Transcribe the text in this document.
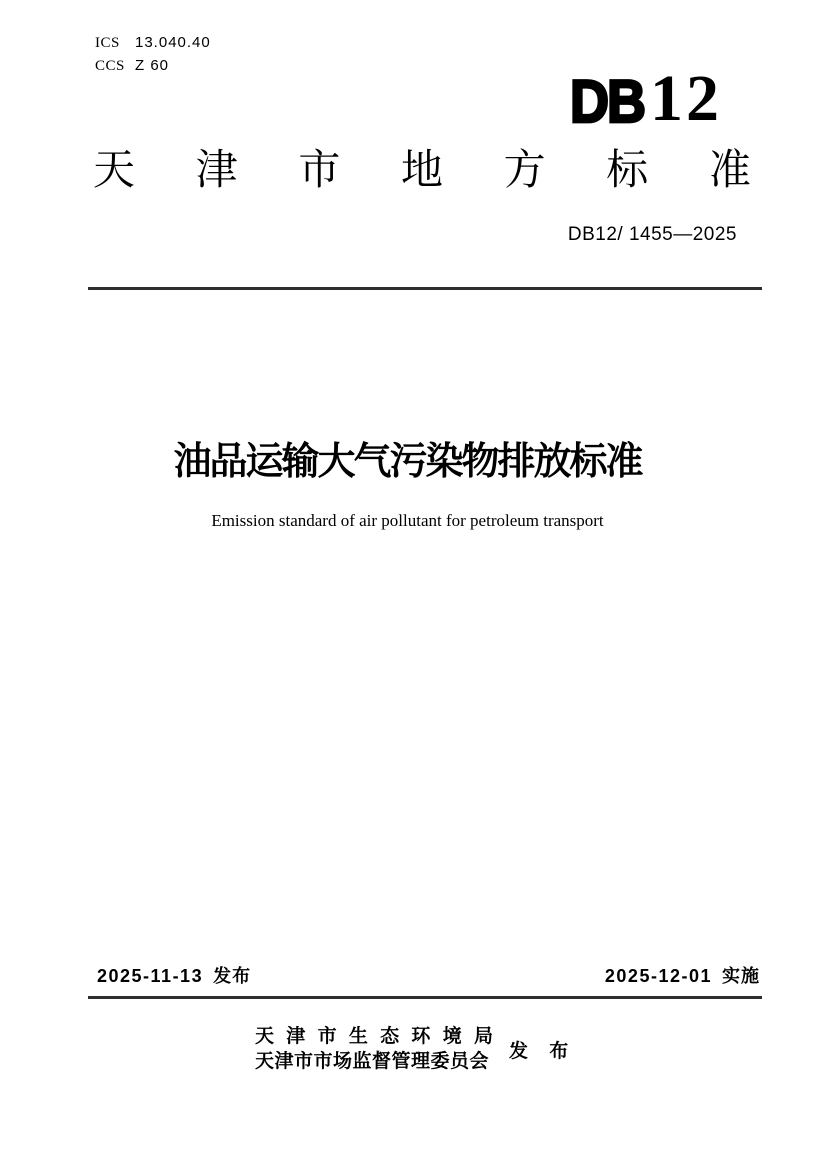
ICS	13.040.40
CCS Z 60
DB 12
天 津 市 地 方 标 准
DB12/ 1455—2025
油品运输大气污染物排放标准
Emission standard of air pollutant for petroleum transport
2025-11-13 发布	2025-12-01 实施
天 津 市 生 态 环 境 局
天津市市场监督管理委员会 发 布
